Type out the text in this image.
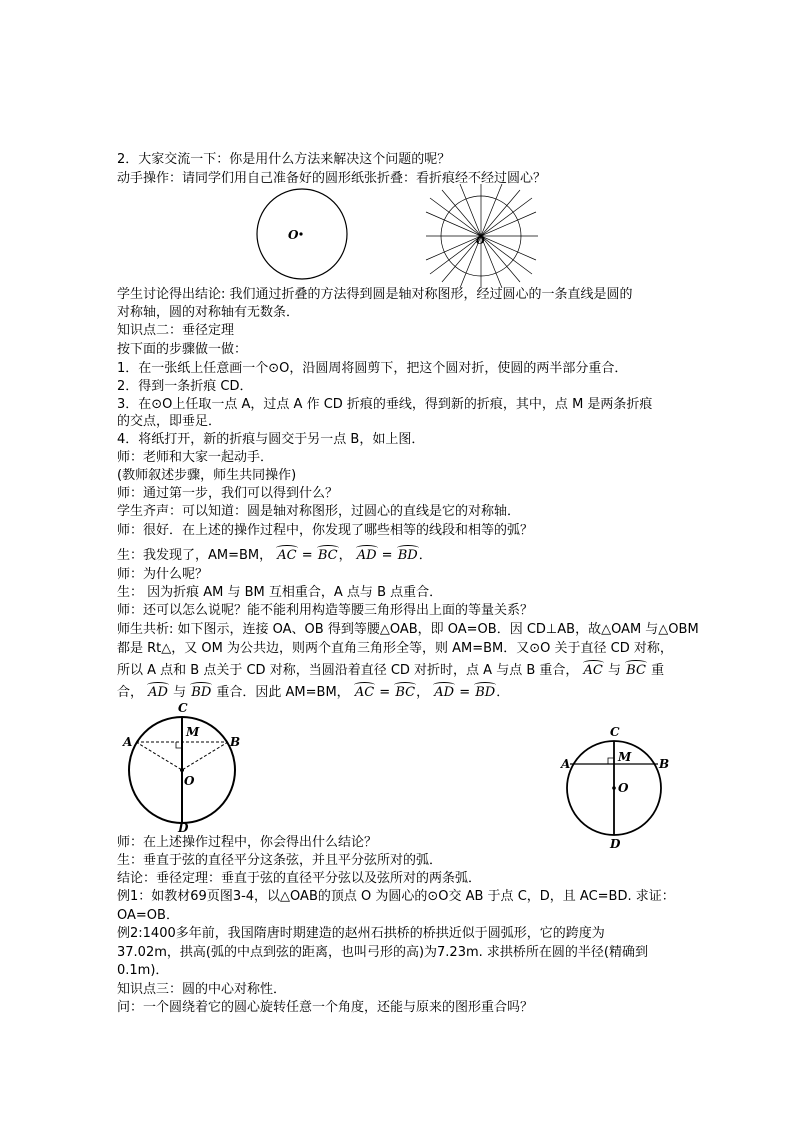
2．大家交流一下：你是用什么方法来解决这个问题的呢？
动手操作：请同学们用自己准备好的圆形纸张折叠：看折痕经不经过圆心？
O	O
学生讨论得出结论: 我们通过折叠的方法得到圆是轴对称图形，经过圆心的一条直线是圆的
对称轴，圆的对称轴有无数条．
知识点二：垂径定理
按下面的步骤做一做：
1．在一张纸上任意画一个⊙O，沿圆周将圆剪下，把这个圆对折，使圆的两半部分重合．
2．得到一条折痕 CD．
3．在⊙O上任取一点 A，过点 A 作 CD 折痕的垂线，得到新的折痕，其中，点 M 是两条折痕
的交点，即垂足．
4．将纸打开，新的折痕与圆交于另一点 B，如上图．
师：老师和大家一起动手．
(教师叙述步骤，师生共同操作)
师：通过第一步，我们可以得到什么？
学生齐声：可以知道：圆是轴对称图形，过圆心的直线是它的对称轴．
师：很好．在上述的操作过程中，你发现了哪些相等的线段和相等的弧？
生：我发现了，AM=BM， AC = BC， AD = BD．
师：为什么呢？
生： 因为折痕 AM 与 BM 互相重合，A 点与 B 点重合．
师：还可以怎么说呢？能不能利用构造等腰三角形得出上面的等量关系？
师生共析: 如下图示，连接 OA、OB 得到等腰△OAB，即 OA=OB．因 CD⊥AB，故△OAM 与△OBM
都是 Rt△，又 OM 为公共边，则两个直角三角形全等，则 AM=BM．又⊙O 关于直径 CD 对称，
所以 A 点和 B 点关于 CD 对称，当圆沿着直径 CD 对折时，点 A 与点 B 重合， AC 与 BC 重
合， AD 与 BD 重合．因此 AM=BM， AC = BC， AD = BD．
C
A	B
M
O
D
C
A	B
M
O
D
师：在上述操作过程中，你会得出什么结论？
生：垂直于弦的直径平分这条弦，并且平分弦所对的弧．
结论：垂径定理：垂直于弦的直径平分弦以及弦所对的两条弧．
例1：如教材69页图3-4，以△OAB的顶点 O 为圆心的⊙O交 AB 于点 C，D，且 AC=BD. 求证：
OA=OB．
例2:1400多年前，我国隋唐时期建造的赵州石拱桥的桥拱近似于圆弧形，它的跨度为
37.02m，拱高(弧的中点到弦的距离，也叫弓形的高)为7.23m. 求拱桥所在圆的半径(精确到
0.1m)．
知识点三：圆的中心对称性．
问：一个圆绕着它的圆心旋转任意一个角度，还能与原来的图形重合吗？
